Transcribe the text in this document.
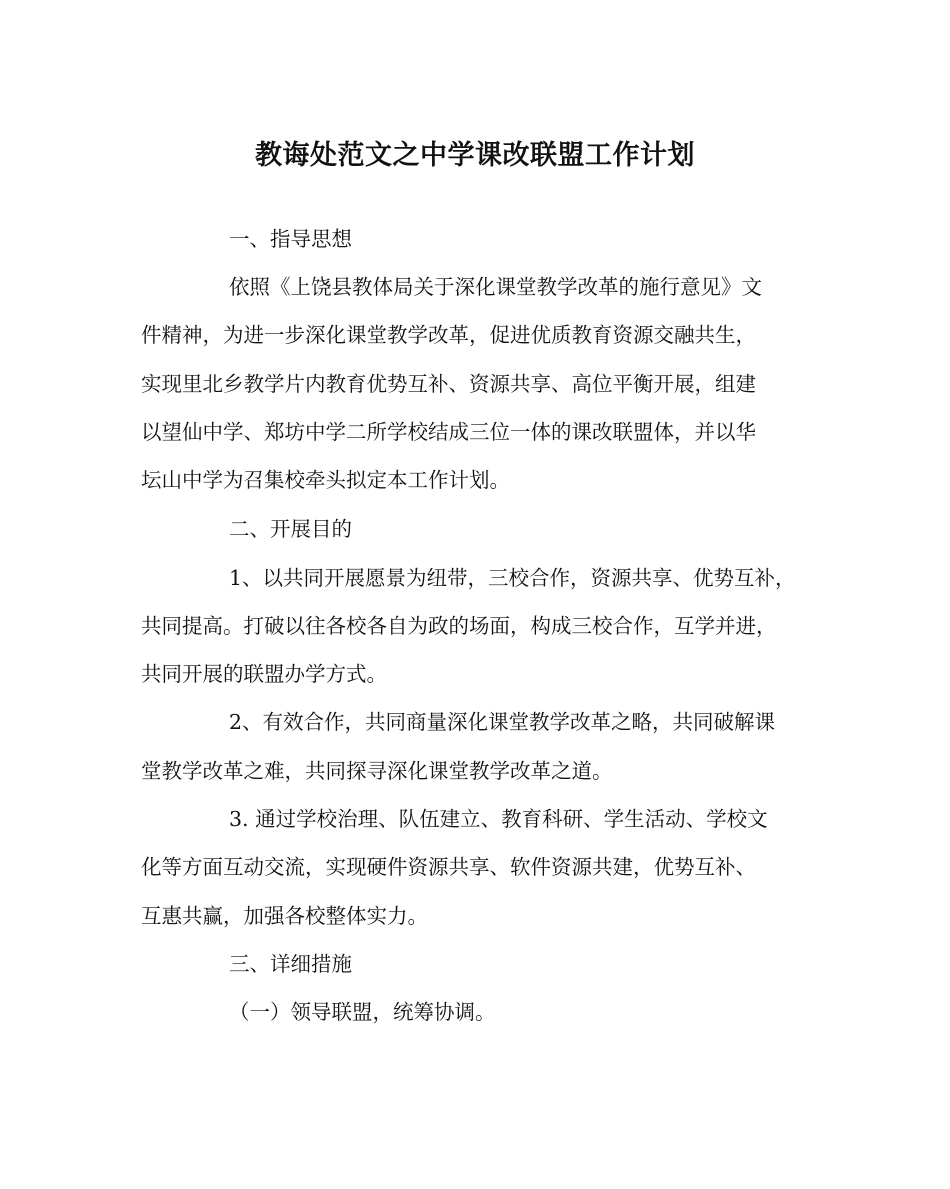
教诲处范文之中学课改联盟工作计划
一、指导思想
依照《上饶县教体局关于深化课堂教学改革的施行意见》文
件精神，为进一步深化课堂教学改革，促进优质教育资源交融共生，
实现里北乡教学片内教育优势互补、资源共享、高位平衡开展，组建
以望仙中学、郑坊中学二所学校结成三位一体的课改联盟体，并以华
坛山中学为召集校牵头拟定本工作计划。
二、开展目的
1、以共同开展愿景为纽带，三校合作，资源共享、优势互补，
共同提高。打破以往各校各自为政的场面，构成三校合作，互学并进，
共同开展的联盟办学方式。
2、有效合作，共同商量深化课堂教学改革之略，共同破解课
堂教学改革之难，共同探寻深化课堂教学改革之道。
3. 通过学校治理、队伍建立、教育科研、学生活动、学校文
化等方面互动交流，实现硬件资源共享、软件资源共建，优势互补、
互惠共赢，加强各校整体实力。
三、详细措施
（一）领导联盟，统筹协调。
